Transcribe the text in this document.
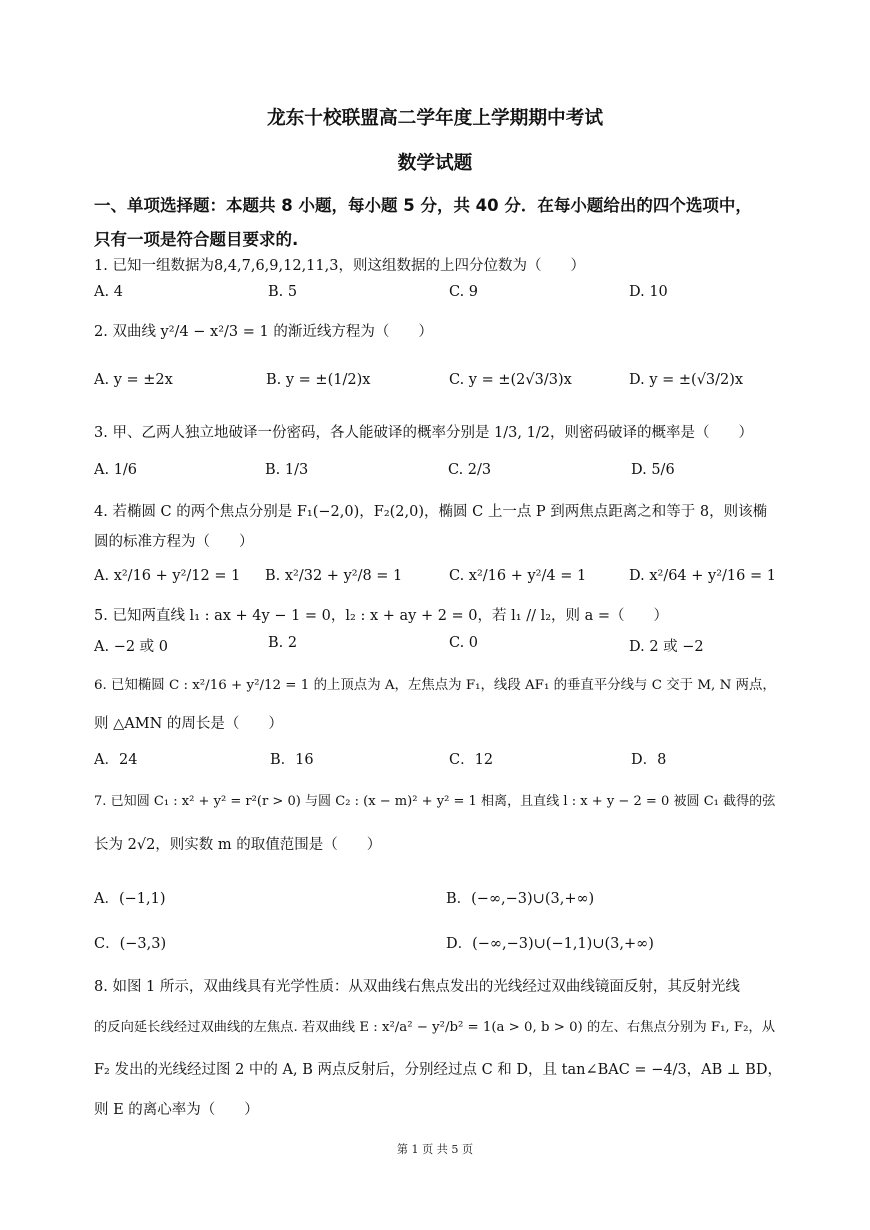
龙东十校联盟高二学年度上学期期中考试
数学试题
一、单项选择题：本题共 8 小题，每小题 5 分，共 40 分．在每小题给出的四个选项中，
只有一项是符合题目要求的.
1. 已知一组数据为8,4,7,6,9,12,11,3，则这组数据的上四分位数为（　　）
A. 4	B. 5	C. 9	D. 10
2. 双曲线 y²/4 − x²/3 = 1 的渐近线方程为（　　）
A. y = ±2x	B. y = ±(1/2)x	C. y = ±(2√3/3)x	D. y = ±(√3/2)x
3. 甲、乙两人独立地破译一份密码，各人能破译的概率分别是 1/3, 1/2，则密码破译的概率是（　　）
A. 1/6	B. 1/3	C. 2/3	D. 5/6
4. 若椭圆 C 的两个焦点分别是 F₁(−2,0)，F₂(2,0)，椭圆 C 上一点 P 到两焦点距离之和等于 8，则该椭
圆的标准方程为（　　）
A. x²/16 + y²/12 = 1 B. x²/32 + y²/8 = 1	C. x²/16 + y²/4 = 1	D. x²/64 + y²/16 = 1
5. 已知两直线 l₁ : ax + 4y − 1 = 0，l₂ : x + ay + 2 = 0，若 l₁ // l₂，则 a =（　　）
A. −2 或 0	B. 2	C. 0	D. 2 或 −2
6. 已知椭圆 C : x²/16 + y²/12 = 1 的上顶点为 A，左焦点为 F₁，线段 AF₁ 的垂直平分线与 C 交于 M, N 两点，
则 △AMN 的周长是（　　）
A．24	B．16	C．12	D．8
7. 已知圆 C₁ : x² + y² = r²(r > 0) 与圆 C₂ : (x − m)² + y² = 1 相离，且直线 l : x + y − 2 = 0 被圆 C₁ 截得的弦
长为 2√2，则实数 m 的取值范围是（　　）
A．(−1,1)	B．(−∞,−3)∪(3,+∞)
C．(−3,3)	D．(−∞,−3)∪(−1,1)∪(3,+∞)
8. 如图 1 所示，双曲线具有光学性质：从双曲线右焦点发出的光线经过双曲线镜面反射，其反射光线
的反向延长线经过双曲线的左焦点. 若双曲线 E : x²/a² − y²/b² = 1(a > 0, b > 0) 的左、右焦点分别为 F₁, F₂，从
F₂ 发出的光线经过图 2 中的 A, B 两点反射后，分别经过点 C 和 D，且 tan∠BAC = −4/3，AB ⊥ BD，
则 E 的离心率为（　　）
第 1 页 共 5 页
